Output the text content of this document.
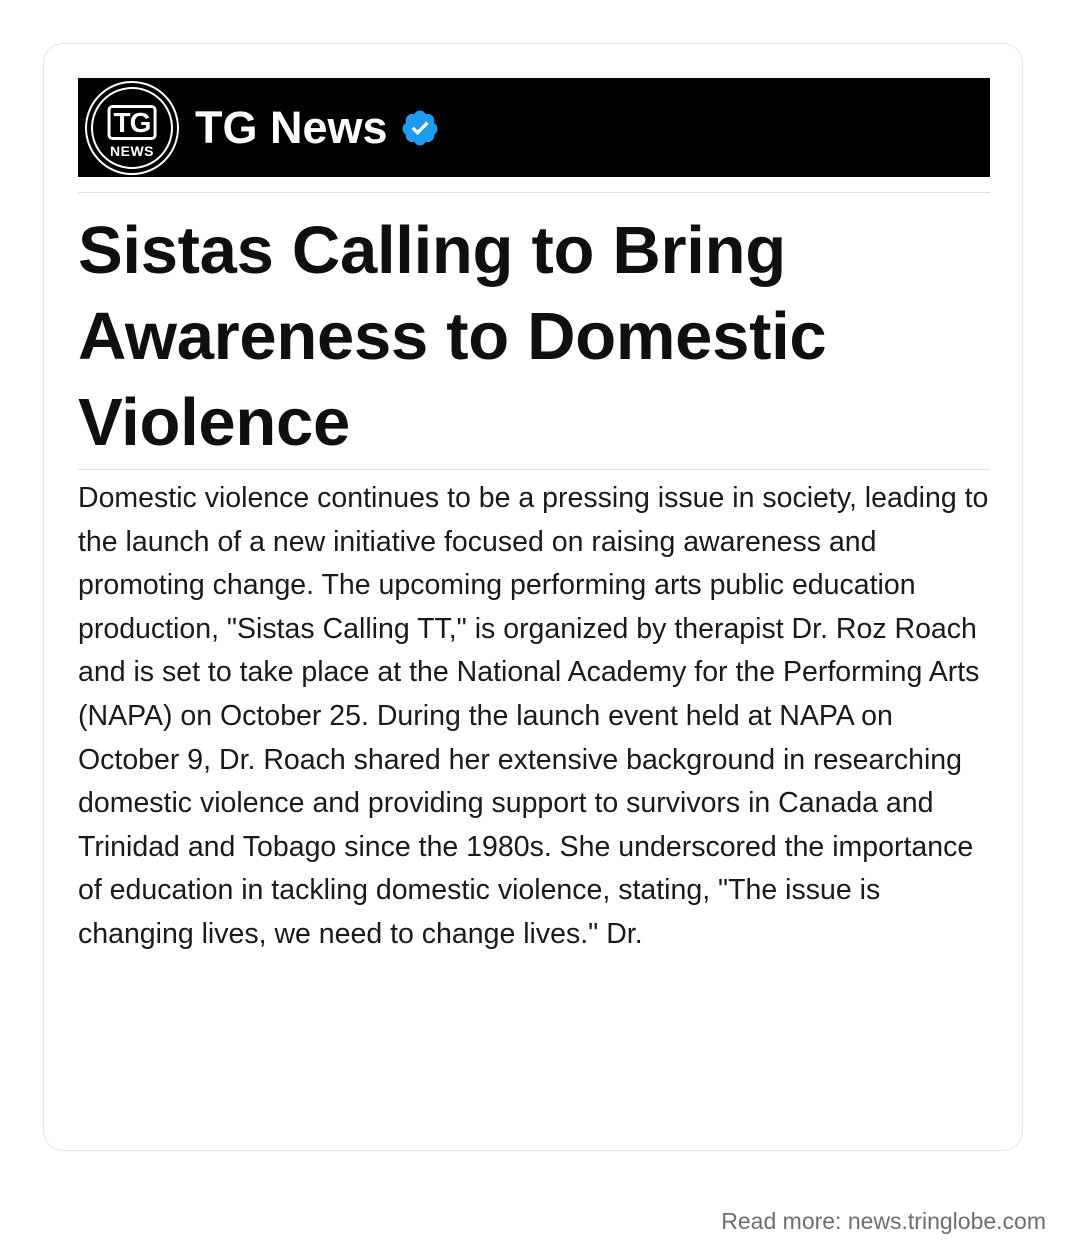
TG
NEWS TG News
Sistas Calling to Bring Awareness to Domestic Violence

Domestic violence continues to be a pressing issue in society, leading to the launch of a new initiative focused on raising awareness and promoting change. The upcoming performing arts public education production, "Sistas Calling TT," is organized by therapist Dr. Roz Roach and is set to take place at the National Academy for the Performing Arts (NAPA) on October 25. During the launch event held at NAPA on October 9, Dr. Roach shared her extensive background in researching domestic violence and providing support to survivors in Canada and Trinidad and Tobago since the 1980s. She underscored the importance of education in tackling domestic violence, stating, "The issue is changing lives, we need to change lives." Dr.

Read more: news.tringlobe.com
